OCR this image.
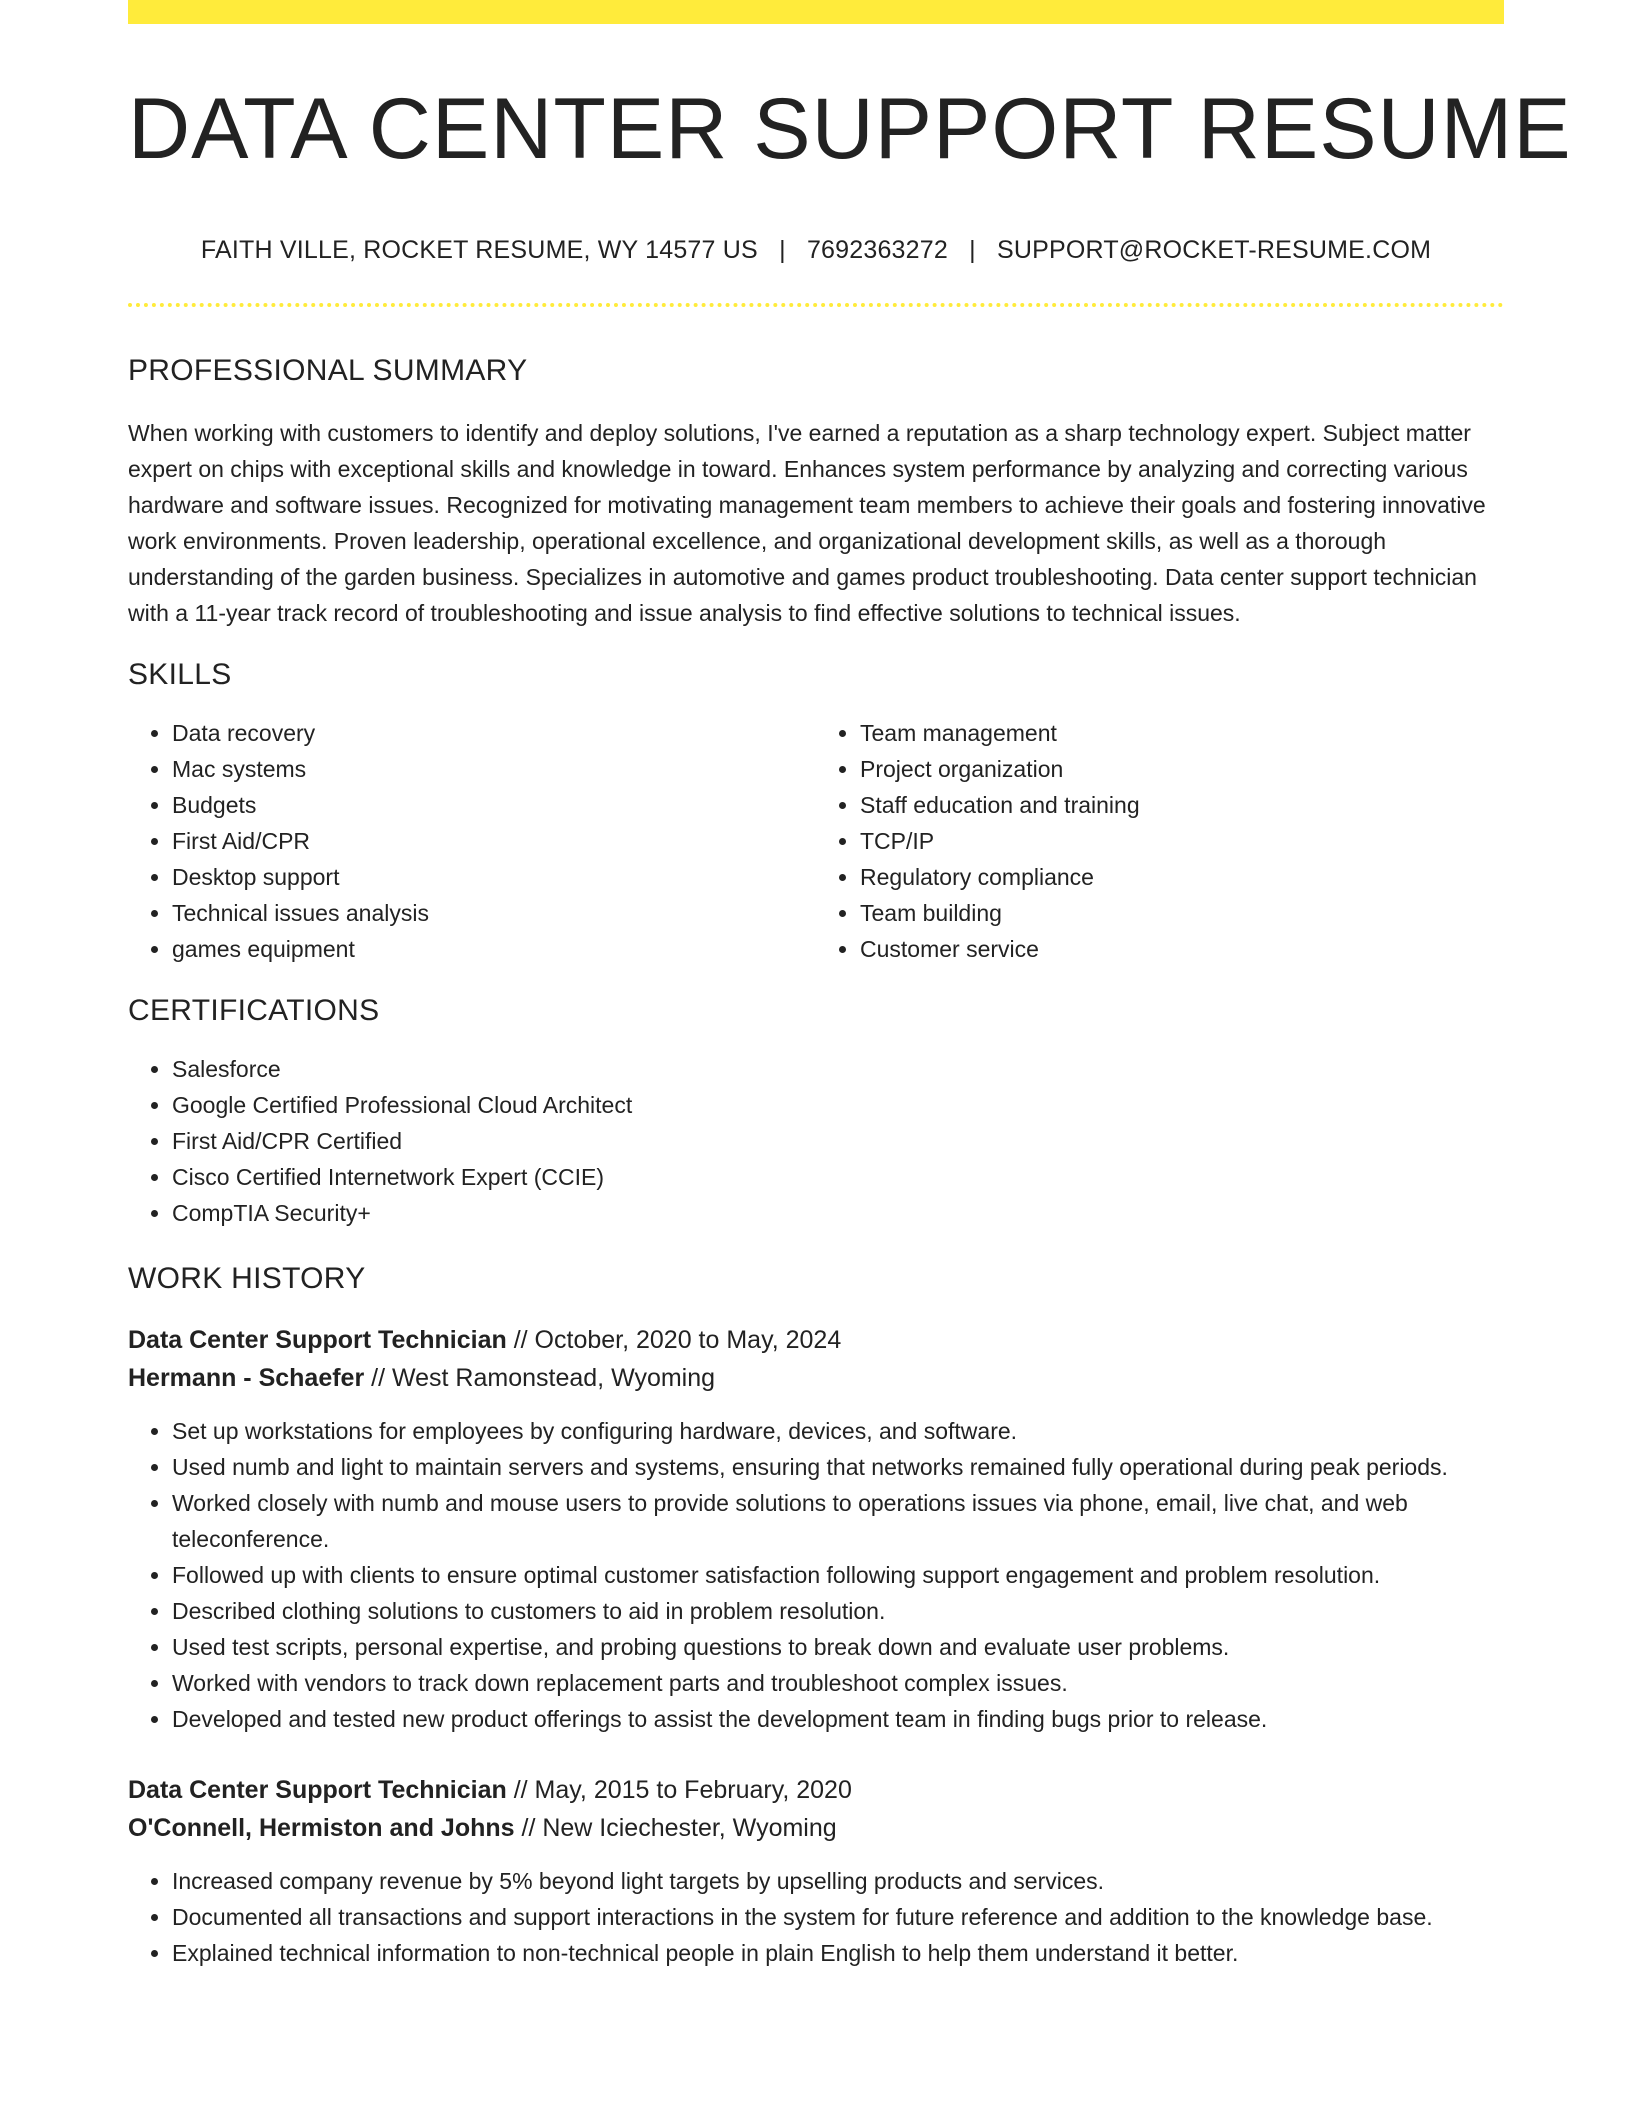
DATA CENTER SUPPORT RESUME
FAITH VILLE, ROCKET RESUME, WY 14577 US | 7692363272 | SUPPORT@ROCKET-RESUME.COM
PROFESSIONAL SUMMARY

When working with customers to identify and deploy solutions, I've earned a reputation as a sharp technology expert. Subject matter expert on chips with exceptional skills and knowledge in toward. Enhances system performance by analyzing and correcting various hardware and software issues. Recognized for motivating management team members to achieve their goals and fostering innovative work environments. Proven leadership, operational excellence, and organizational development skills, as well as a thorough understanding of the garden business. Specializes in automotive and games product troubleshooting. Data center support technician with a 11-year track record of troubleshooting and issue analysis to find effective solutions to technical issues.

SKILLS
• Data recovery
• Mac systems
• Budgets
• First Aid/CPR
• Desktop support
• Technical issues analysis
• games equipment
• Team management
• Project organization
• Staff education and training
• TCP/IP
• Regulatory compliance
• Team building
• Customer service
CERTIFICATIONS
• Salesforce
• Google Certified Professional Cloud Architect
• First Aid/CPR Certified
• Cisco Certified Internetwork Expert (CCIE)
• CompTIA Security+
WORK HISTORY
Data Center Support Technician // October, 2020 to May, 2024
Hermann - Schaefer // West Ramonstead, Wyoming
• Set up workstations for employees by configuring hardware, devices, and software.
• Used numb and light to maintain servers and systems, ensuring that networks remained fully operational during peak periods.
• Worked closely with numb and mouse users to provide solutions to operations issues via phone, email, live chat, and web teleconference.
• Followed up with clients to ensure optimal customer satisfaction following support engagement and problem resolution.
• Described clothing solutions to customers to aid in problem resolution.
• Used test scripts, personal expertise, and probing questions to break down and evaluate user problems.
• Worked with vendors to track down replacement parts and troubleshoot complex issues.
• Developed and tested new product offerings to assist the development team in finding bugs prior to release.
Data Center Support Technician // May, 2015 to February, 2020
O'Connell, Hermiston and Johns // New Iciechester, Wyoming
• Increased company revenue by 5% beyond light targets by upselling products and services.
• Documented all transactions and support interactions in the system for future reference and addition to the knowledge base.
• Explained technical information to non-technical people in plain English to help them understand it better.
